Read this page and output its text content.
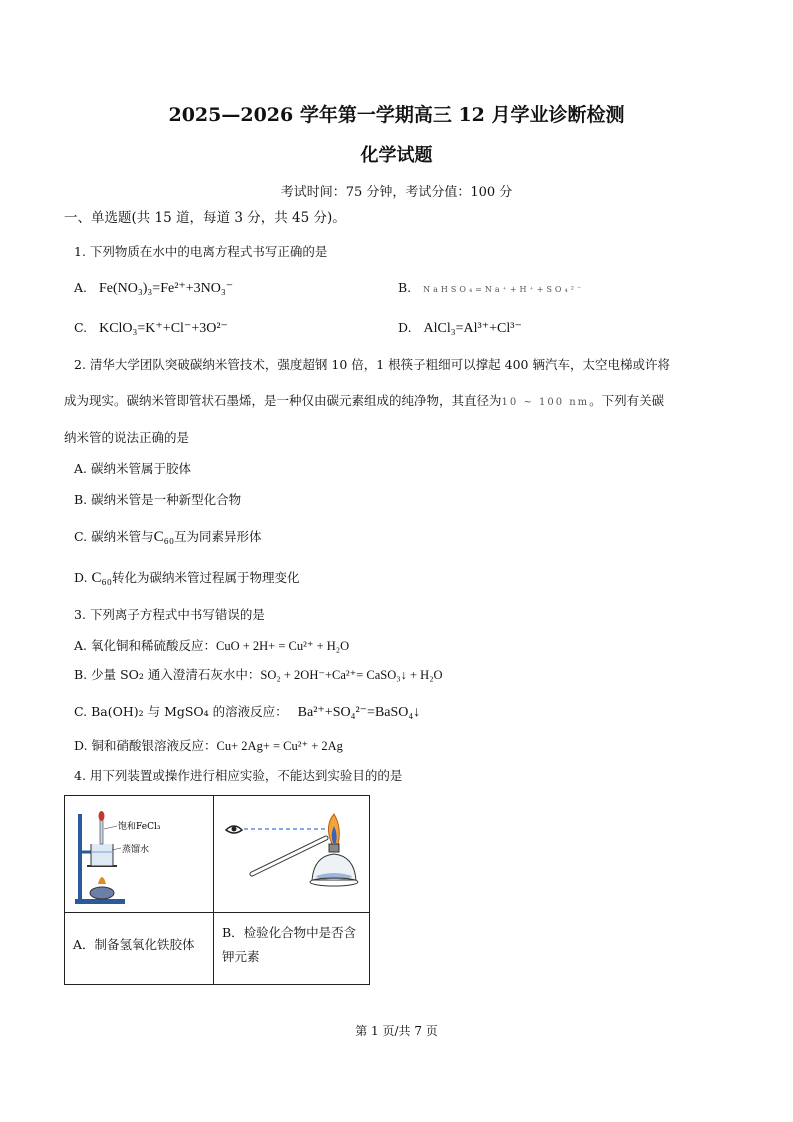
2025—2026 学年第一学期高三 12 月学业诊断检测
化学试题
考试时间：75 分钟，考试分值：100 分
一、单选题(共 15 道，每道 3 分，共 45 分)。
1. 下列物质在水中的电离方程式书写正确的是
A. Fe(NO₃)₃=Fe²⁺+3NO₃⁻	B. NaHSO₄=Na⁺+H⁺+SO₄²⁻
C. KClO₃=K⁺+Cl⁻+3O²⁻	D. AlCl₃=Al³⁺+Cl³⁻
2. 清华大学团队突破碳纳米管技术，强度超钢 10 倍，1 根筷子粗细可以撑起 400 辆汽车，太空电梯或许将
成为现实。碳纳米管即管状石墨烯，是一种仅由碳元素组成的纯净物，其直径为10 ~ 100 nm。下列有关碳
纳米管的说法正确的是
A. 碳纳米管属于胶体
B. 碳纳米管是一种新型化合物
C. 碳纳米管与C₆₀互为同素异形体
D. C₆₀转化为碳纳米管过程属于物理变化
3. 下列离子方程式中书写错误的是
A. 氧化铜和稀硫酸反应：CuO + 2H+ = Cu²⁺ + H₂O
B. 少量 SO₂ 通入澄清石灰水中：SO₂ + 2OH⁻+Ca²⁺= CaSO₃↓ + H₂O
C. Ba(OH)₂ 与 MgSO₄ 的溶液反应： Ba²⁺+SO₄²⁻=BaSO₄↓
D. 铜和硝酸银溶液反应：Cu+ 2Ag+ = Cu²⁺ + 2Ag
4. 用下列装置或操作进行相应实验，不能达到实验目的的是
饱和FeCl₃
蒸馏水

A．制备氢氧化铁胶体	B．检验化合物中是否含钾元素
第 1 页/共 7 页
